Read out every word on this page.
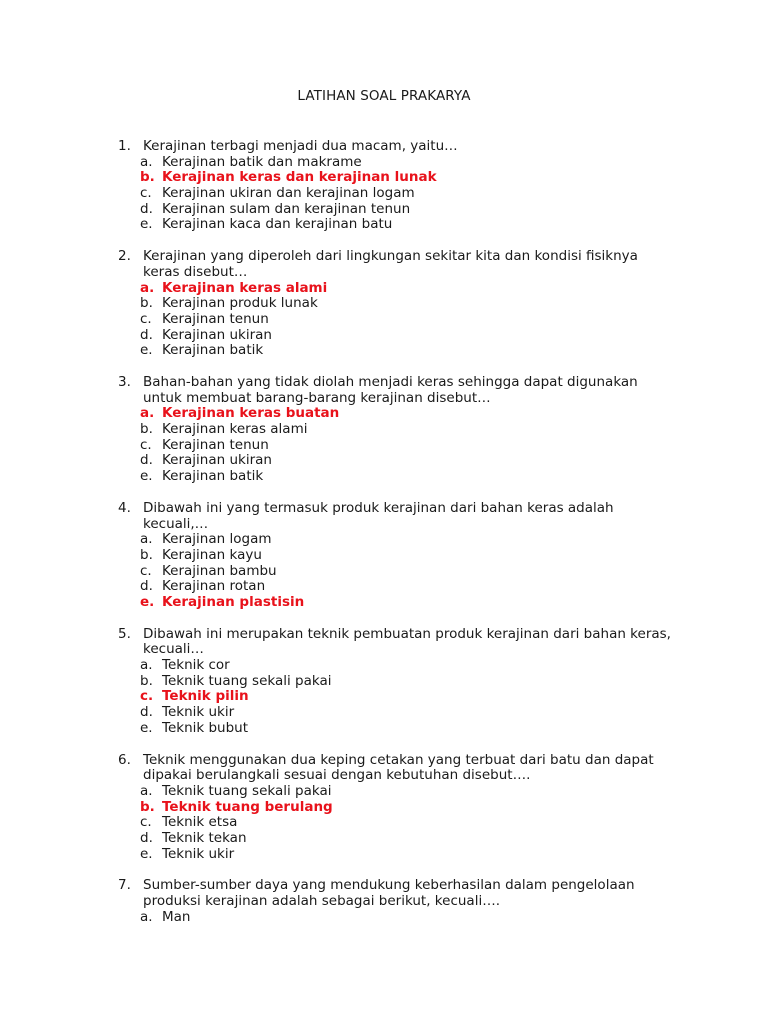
LATIHAN SOAL PRAKARYA
1. Kerajinan terbagi menjadi dua macam, yaitu…
a. Kerajinan batik dan makrame
b. Kerajinan keras dan kerajinan lunak
c. Kerajinan ukiran dan kerajinan logam
d. Kerajinan sulam dan kerajinan tenun
e. Kerajinan kaca dan kerajinan batu
2. Kerajinan yang diperoleh dari lingkungan sekitar kita dan kondisi fisiknya keras disebut…
a. Kerajinan keras alami
b. Kerajinan produk lunak
c. Kerajinan tenun
d. Kerajinan ukiran
e. Kerajinan batik
3. Bahan-bahan yang tidak diolah menjadi keras sehingga dapat digunakan untuk membuat barang-barang kerajinan disebut…
a. Kerajinan keras buatan
b. Kerajinan keras alami
c. Kerajinan tenun
d. Kerajinan ukiran
e. Kerajinan batik
4. Dibawah ini yang termasuk produk kerajinan dari bahan keras adalah kecuali,…
a. Kerajinan logam
b. Kerajinan kayu
c. Kerajinan bambu
d. Kerajinan rotan
e. Kerajinan plastisin
5. Dibawah ini merupakan teknik pembuatan produk kerajinan dari bahan keras, kecuali…
a. Teknik cor
b. Teknik tuang sekali pakai
c. Teknik pilin
d. Teknik ukir
e. Teknik bubut
6. Teknik menggunakan dua keping cetakan yang terbuat dari batu dan dapat dipakai berulangkali sesuai dengan kebutuhan disebut….
a. Teknik tuang sekali pakai
b. Teknik tuang berulang
c. Teknik etsa
d. Teknik tekan
e. Teknik ukir
7. Sumber-sumber daya yang mendukung keberhasilan dalam pengelolaan produksi kerajinan adalah sebagai berikut, kecuali….
a. Man
